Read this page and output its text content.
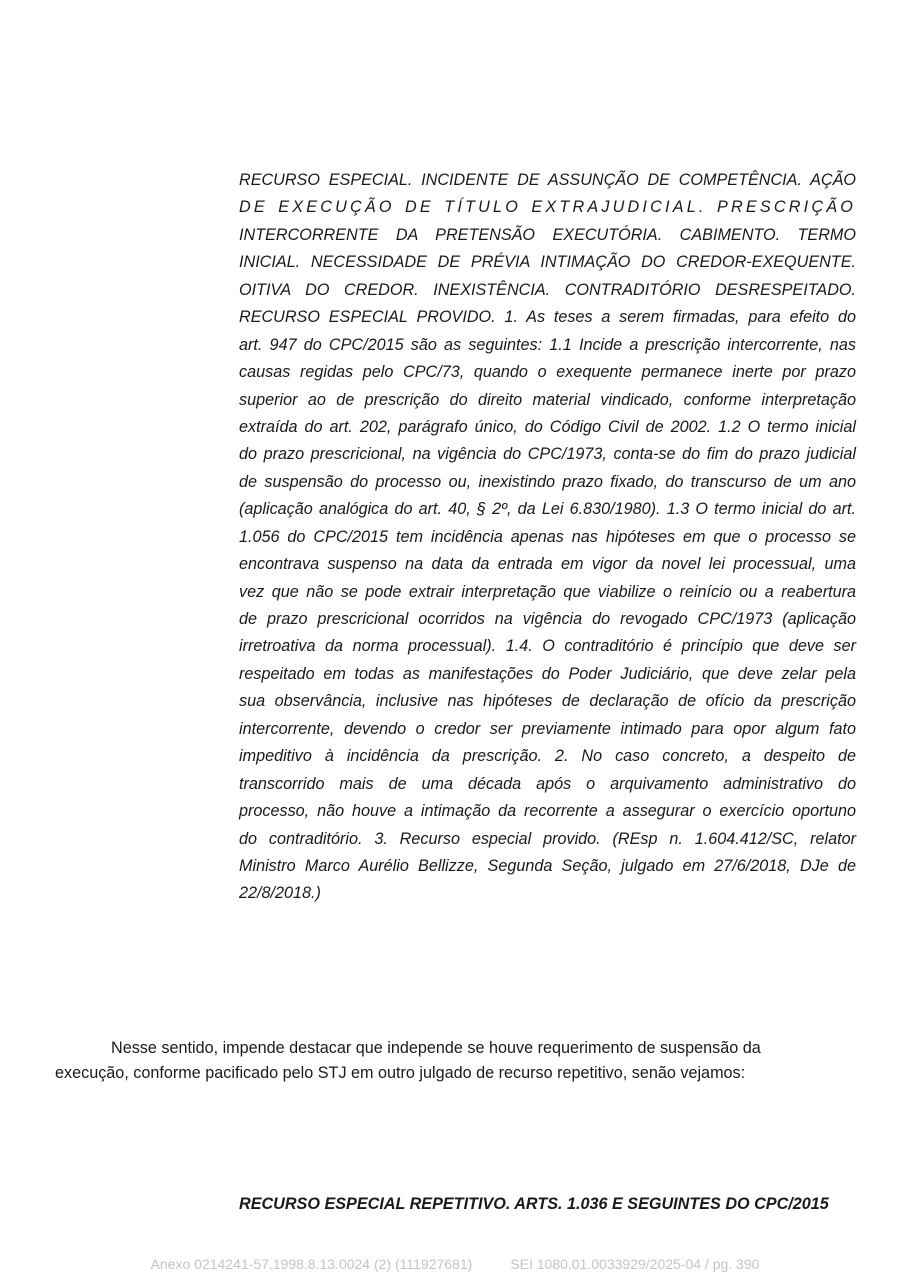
RECURSO ESPECIAL. INCIDENTE DE ASSUNÇÃO DE COMPETÊNCIA. AÇÃO
DE EXECUÇÃO DE TÍTULO EXTRAJUDICIAL. PRESCRIÇÃO
INTERCORRENTE DA PRETENSÃO EXECUTÓRIA. CABIMENTO. TERMO
INICIAL. NECESSIDADE DE PRÉVIA INTIMAÇÃO DO CREDOR-EXEQUENTE.
OITIVA DO CREDOR. INEXISTÊNCIA. CONTRADITÓRIO DESRESPEITADO.
RECURSO ESPECIAL PROVIDO. 1. As teses a serem firmadas, para efeito do
art. 947 do CPC/2015 são as seguintes: 1.1 Incide a prescrição intercorrente, nas
causas regidas pelo CPC/73, quando o exequente permanece inerte por prazo
superior ao de prescrição do direito material vindicado, conforme interpretação
extraída do art. 202, parágrafo único, do Código Civil de 2002. 1.2 O termo inicial
do prazo prescricional, na vigência do CPC/1973, conta-se do fim do prazo judicial
de suspensão do processo ou, inexistindo prazo fixado, do transcurso de um ano
(aplicação analógica do art. 40, § 2º, da Lei 6.830/1980). 1.3 O termo inicial do art.
1.056 do CPC/2015 tem incidência apenas nas hipóteses em que o processo se
encontrava suspenso na data da entrada em vigor da novel lei processual, uma
vez que não se pode extrair interpretação que viabilize o reinício ou a reabertura
de prazo prescricional ocorridos na vigência do revogado CPC/1973 (aplicação
irretroativa da norma processual). 1.4. O contraditório é princípio que deve ser
respeitado em todas as manifestações do Poder Judiciário, que deve zelar pela
sua observância, inclusive nas hipóteses de declaração de ofício da prescrição
intercorrente, devendo o credor ser previamente intimado para opor algum fato
impeditivo à incidência da prescrição. 2. No caso concreto, a despeito de
transcorrido mais de uma década após o arquivamento administrativo do
processo, não houve a intimação da recorrente a assegurar o exercício oportuno
do contraditório. 3. Recurso especial provido. (REsp n. 1.604.412/SC, relator
Ministro Marco Aurélio Bellizze, Segunda Seção, julgado em 27/6/2018, DJe de
22/8/2018.)
Nesse sentido, impende destacar que independe se houve requerimento de suspensão da
execução, conforme pacificado pelo STJ em outro julgado de recurso repetitivo, senão vejamos:
RECURSO ESPECIAL REPETITIVO. ARTS. 1.036 E SEGUINTES DO CPC/2015
Anexo 0214241-57.1998.8.13.0024 (2) (111927681)	SEI 1080.01.0033929/2025-04 / pg. 390
